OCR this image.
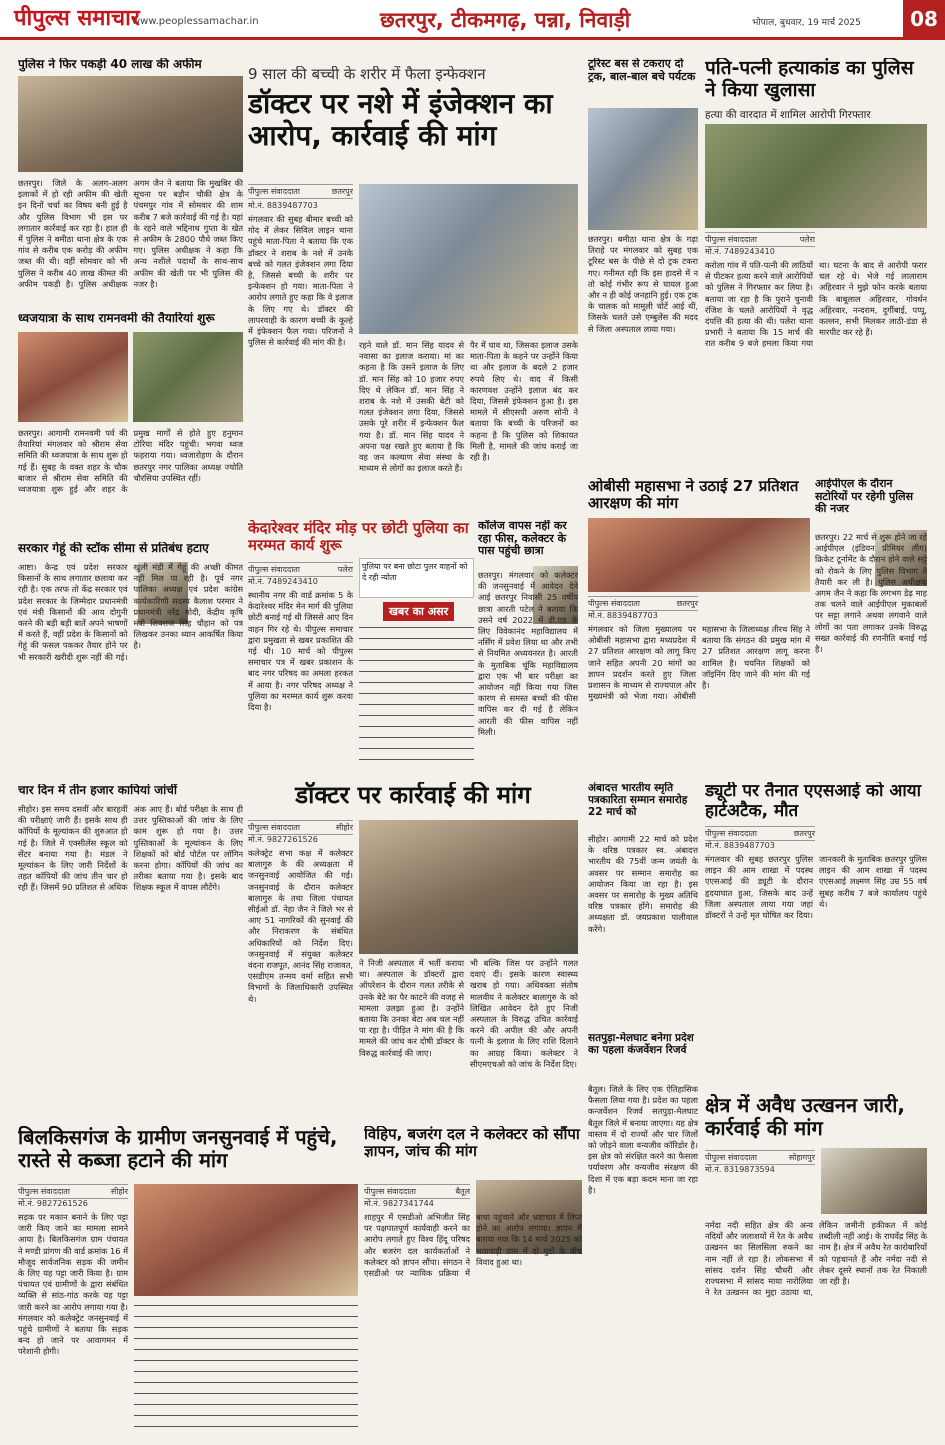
पीपुल्स समाचार
www.peoplessamachar.in	छतरपुर, टीकमगढ़, पन्ना, निवाड़ी	भोपाल, बुधवार, 19 मार्च 2025	08
पुलिस ने फिर पकड़ी 40 लाख की अफीम
छतरपुर। जिले के अलग-अलग इलाकों में हो रही अफीम की खेती इन दिनों चर्चा का विषय बनी हुई है और पुलिस विभाग भी इस पर लगातार कार्रवाई कर रहा है। हाल ही में पुलिस ने बमीठा थाना क्षेत्र के एक गांव से करीब एक करोड़ की अफीम जब्त की थी। वहीं सोमवार को भी पुलिस ने करीब 40 लाख कीमत की अफीम पकड़ी है। पुलिस अधीक्षक अगम जैन ने बताया कि मुखबिर की सूचना पर बड़ौन चौकी क्षेत्र के पंचमपुर गांव में सोमवार की शाम करीब 7 बजे कार्रवाई की गई है। यहां के रहने वाले भद्दिनाथ गुप्ता के खेत से अफीम के 2800 पौधे जब्त किए गए। पुलिस अधीक्षक ने कहा कि अन्य नशीले पदार्थों के साथ-साथ अफीम की खेती पर भी पुलिस की नजर है।
ध्वजयात्रा के साथ रामनवमी की तैयारियां शुरू
छतरपुर। आगामी रामनवमी पर्व की तैयारियां मंगलवार को श्रीराम सेवा समिति की ध्वजयात्रा के साथ शुरू हो गई हैं। सुबह के वक्त शहर के चौक बाजार से श्रीराम सेवा समिति की ध्वजयात्रा शुरू हुई और शहर के प्रमुख मार्गों से होते हुए हनुमान टोरिया मंदिर पहुंची। भगवा ध्वज फहराया गया। ध्वजारोहण के दौरान छतरपुर नगर पालिका अध्यक्ष ज्योति चौरसिया उपस्थित रहीं।
सरकार गेहूं की स्टॉक सीमा से प्रतिबंध हटाए
आष्टा। केन्द्र एवं प्रदेश सरकार किसानों के साथ लगातार छलावा कर रही है। एक तरफ तो केंद्र सरकार एवं प्रदेश सरकार के जिम्मेदार प्रधानमंत्री एवं मंत्री किसानों की आय दोगुनी करने की बड़ी बड़ी बातें अपने भाषणों में करते हैं, वहीं प्रदेश के किसानों को गेहूं की फसल पककर तैयार होने पर भी सरकारी खरीदी शुरू नहीं की गई। खुली मंडी में गेहूं की अच्छी कीमत नहीं मिल पा रही है। पूर्व नगर पालिका अध्यक्ष एवं प्रदेश कांग्रेस कार्यकारिणी सदस्य कैलाश परमार ने प्रधानमंत्री नरेंद्र मोदी, केंद्रीय कृषि मंत्री शिवराज सिंह चौहान को पत्र लिखकर उनका ध्यान आकर्षित किया है।
चार दिन में तीन हजार कापियां जांचीं
सीहोर। इस समय दसवीं और बारहवीं की परीक्षाएं जारी हैं। इसके साथ ही कॉपियों के मूल्यांकन की शुरुआत हो गई है। जिले में एक्सीलेंस स्कूल को सेंटर बनाया गया है। मंडल ने मूल्यांकन के लिए जारी निर्देशों के तहत कॉपियों की जांच तीन चार हो रही हैं। जिसमें 90 प्रतिशत से अधिक अंक आए हैं। बोर्ड परीक्षा के साथ ही उत्तर पुस्तिकाओं की जांच के लिए काम शुरू हो गया है। उत्तर पुस्तिकाओं के मूल्यांकन के लिए शिक्षकों को बोर्ड पोर्टल पर लॉगिन करना होगा। कॉपियों की जांच का तरीका बताया गया है। इसके बाद शिक्षक स्कूल में वापस लौटेंगे।
9 साल की बच्ची के शरीर में फैला इन्फेक्शन
डॉक्टर पर नशे में इंजेक्शन का आरोप, कार्रवाई की मांग
पीपुल्स संवाददाता	छतरपुर
मो.नं. 8839487703
मंगलवार की सुबह बीमार बच्ची को गोद में लेकर सिविल लाइन थाना पहुंचे माता-पिता ने बताया कि एक डॉक्टर ने शराब के नशे में उनके बच्चे को गलत इंजेक्शन लगा दिया है, जिससे बच्ची के शरीर पर इन्फेक्शन हो गया। माता-पिता ने आरोप लगाते हुए कहा कि वे इलाज के लिए गए थे। डॉक्टर की लापरवाही के कारण बच्ची के कूल्हे में इंफेक्शन फैल गया। परिजनों ने पुलिस से कार्रवाई की मांग की है।	रहने वाले डॉ. मान सिंह यादव से नवासा का इलाज कराया। मां का कहना है कि उसने इलाज के लिए डॉ. मान सिंह को 10 हजार रुपए दिए थे लेकिन डॉ. मान सिंह ने शराब के नशे में उसकी बेटी को गलत इंजेक्शन लगा दिया, जिससे उसके पूरे शरीर में इन्फेक्शन फैल गया है। डॉ. मान सिंह यादव ने अपना पक्ष रखते हुए बताया है कि वह जन कल्याण सेवा संस्था के माध्यम से लोगों का इलाज करते हैं।
पैर में घाव था, जिसका इलाज उसके माता-पिता के कहने पर उन्होंने किया था और इलाज के बदले 2 हजार रुपये लिए थे। वाद में किसी कारणवश उन्होंने इलाज बंद कर दिया, जिससे इंफेक्शन हुआ है। इस मामले में सीएसपी अरुण सोनी ने बताया कि बच्ची के परिजनों का कहना है कि पुलिस को शिकायत मिली है, मामले की जांच कराई जा रही है।
केदारेश्वर मंदिर मोड़ पर छोटी पुलिया का मरम्मत कार्य शुरू
पीपुल्स संवाददाता	पलेरा
मो.नं. 7489243410
पुलिया पर बना छोटा पुलर वाहनों को दे रही न्योता
खबर का असर
स्थानीय नगर की वार्ड क्रमांक 5 के केदारेश्वर मंदिर मेन मार्ग की पुलिया छोटी बनाई गई थी जिससे आए दिन वाहन गिर रहे थे। पीपुल्स समाचार द्वारा प्रमुखता से खबर प्रकाशित की गई थी। 10 मार्च को पीपुल्स समाचार पत्र में खबर प्रकाशन के बाद नगर परिषद का अमला हरकत में आया है। नगर परिषद अध्यक्ष ने पुलिया का मरम्मत कार्य शुरू करवा दिया है।
कॉलेज वापस नहीं कर रहा फीस, कलेक्टर के पास पहुंची छात्रा
छतरपुर। मंगलवार को कलेक्टर की जनसुनवाई में आवेदन देने आई छतरपुर निवासी 25 वर्षीय छात्रा आरती पटेल ने बताया कि उसने वर्ष 2022 में डी.एड के लिए विवेकानंद महाविद्यालय में नर्सिंग में प्रवेश लिया था और तभी से नियमित अध्ययनरत है। आरती के मुताबिक चूंकि महाविद्यालय द्वारा एक भी बार परीक्षा का आयोजन नहीं किया गया जिस कारण से समस्त बच्चों की फीस वापिस कर दी गई है लेकिन आरती की फीस वापिस नहीं मिली।
टूरिस्ट बस से टकराए दो ट्रक, बाल-बाल बचे पर्यटक
छतरपुर। बमीठा थाना क्षेत्र के गढ़ा तिराहे पर मंगलवार को सुबह एक टूरिस्ट बस के पीछे से दो ट्रक टकरा गए। गनीमत रही कि इस हादसे में न तो कोई गंभीर रूप से घायल हुआ और न ही कोई जनहानि हुई। एक ट्रक के चालक को मामूली चोटें आई थीं, जिसके चलते उसे एम्बुलेंस की मदद से जिला अस्पताल लाया गया।
पति-पत्नी हत्याकांड का पुलिस ने किया खुलासा
हत्या की वारदात में शामिल आरोपी गिरफ्तार
पीपुल्स संवाददाता	पलेरा
मो.नं. 7489243410
करोला गांव में पति-पत्नी की लाठियों से पीटकर हत्या करने वाले आरोपियों को पुलिस ने गिरफ्तार कर लिया है। बताया जा रहा है कि पुराने चुनावी रंजिश के चलते आरोपियों ने वृद्ध दंपत्ति की हत्या की थी। पलेरा थाना प्रभारी ने बताया कि 15 मार्च की रात करीब 9 बजे हमला किया गया था। घटना के बाद से आरोपी फरार चल रहे थे। भेजे गई लालाराम अहिरवार ने मुझे फोन करके बताया कि बाबूलाल अहिरवार, गोवर्धन अहिरवार, नन्दराम, दुर्गीबाई, पप्पू, कल्लन, सभी मिलकर लाठी-डंडा से मारपीट कर रहे हैं।
ओबीसी महासभा ने उठाई 27 प्रतिशत आरक्षण की मांग
पीपुल्स संवाददाता	छतरपुर
मो.नं. 8839487703
मंगलवार को जिला मुख्यालय पर ओबीसी महासभा द्वारा मध्यप्रदेश में 27 प्रतिशत आरक्षण को लागू किए जाने सहित अपनी 20 मांगों का ज्ञापन प्रदर्शन करते हुए जिला प्रशासन के माध्यम से राज्यपाल और मुख्यमंत्री को भेजा गया। ओबीसी महासभा के जिलाध्यक्ष तीरथ सिंह ने बताया कि संगठन की प्रमुख मांग में 27 प्रतिशत आरक्षण लागू करना शामिल है। चयनित शिक्षकों को जॉइनिंग दिए जाने की मांग की गई है।
आईपीएल के दौरान सटोरियों पर रहेगी पुलिस की नजर
छतरपुर। 22 मार्च से शुरू होने जा रहे आईपीएल (इंडियन प्रीमियर लीग) क्रिकेट टूर्नामेंट के दौरान होने वाले सट्टे को रोकने के लिए पुलिस विभाग ने तैयारी कर ली है। पुलिस अधीक्षक अगम जैन ने कहा कि लगभग डेढ़ माह तक चलने वाले आईपीएल मुकाबलों पर सट्टा लगाने अथवा लगवाने वाले लोगों का पता लगाकर उनके विरुद्ध सख्त कार्रवाई की रणनीति बनाई गई है।
डॉक्टर पर कार्रवाई की मांग
पीपुल्स संवाददाता	सीहोर
मो.नं. 9827261526
कलेक्ट्रेट सभा कक्ष में कलेक्टर बालागुरु के की अध्यक्षता में जनसुनवाई आयोजित की गई। जनसुनवाई के दौरान कलेक्टर बालागुरु के तथा जिला पंचायत सीईओ डॉ. नेहा जैन ने जिले भर से आए 51 नागरिकों की सुनवाई की और निराकरण के संबंधित अधिकारियों को निर्देश दिए। जनसुनवाई में संयुक्त कलेक्टर वंदना राजपूत, आनंद सिंह राजावत, एसडीएम तन्मय वर्मा सहित सभी विभागों के जिलाधिकारी उपस्थित थे।
ने निजी अस्पताल में भर्ती कराया था। अस्पताल के डॉक्टरों द्वारा ऑपरेशन के दौरान गलत तरीके से उनके बेटे का पैर काटने की वजह से मामला उलझा हुआ है। उन्होंने बताया कि उनका बेटा अब चल नहीं पा रहा है। पीड़ित ने मांग की है कि मामले की जांच कर दोषी डॉक्टर के विरुद्ध कार्रवाई की जाए।
भी बल्कि जिस पर उन्होंने गलत दवाएं दीं। इसके कारण स्वास्थ्य खराब हो गया। अधिवक्ता संतोष मालवीय ने कलेक्टर बालागुरु के को लिखित आवेदन देते हुए निजी अस्पताल के विरुद्ध उचित कार्रवाई करने की अपील की और अपनी पत्नी के इलाज के लिए राशि दिलाने का आग्रह किया। कलेक्टर ने सीएमएचओ को जांच के निर्देश दिए।
अंबादत्त भारतीय स्मृति पत्रकारिता सम्मान समारोह 22 मार्च को
सीहोर। आगामी 22 मार्च को प्रदेश के वरिष्ठ पत्रकार स्व. अंबादत्त भारतीय की 75वीं जन्म जयंती के अवसर पर सम्मान समारोह का आयोजन किया जा रहा है। इस अवसर पर समारोह के मुख्य अतिथि वरिष्ठ पत्रकार होंगे। समारोह की अध्यक्षता डॉ. जयप्रकाश पालीवाल करेंगे।
सतपुड़ा-मेलघाट बनेगा प्रदेश का पहला कंजर्वेशन रिजर्व
बैतूल। जिले के लिए एक ऐतिहासिक फैसला लिया गया है। प्रदेश का पहला कन्जर्वेशन रिजर्व सतपुड़ा-मेलघाट बैतूल जिले में बनाया जाएगा। यह क्षेत्र वास्तव में दो राज्यों और चार जिलों को जोड़ने वाला वन्यजीव कॉरिडोर है। इस क्षेत्र को संरक्षित करने का फैसला पर्यावरण और वन्यजीव संरक्षण की दिशा में एक बड़ा कदम माना जा रहा है।
ड्यूटी पर तैनात एएसआई को आया हार्टअटैक, मौत
पीपुल्स संवाददाता	छतरपुर
मो.नं. 8839487703
मंगलवार की सुबह छतरपुर पुलिस लाइन की आम शाखा में पदस्थ एएसआई की ड्यूटी के दौरान हृदयाघात हुआ, जिसके बाद उन्हें जिला अस्पताल लाया गया जहां डॉक्टरों ने उन्हें मृत घोषित कर दिया। जानकारी के मुताबिक छतरपुर पुलिस लाइन की आम शाखा में पदस्थ एएसआई लक्ष्मण सिंह उम्र 55 वर्ष सुबह करीब 7 बजे कार्यालय पहुंचे थे।
क्षेत्र में अवैध उत्खनन जारी, कार्रवाई की मांग
पीपुल्स संवाददाता	सोहागपुर
मो.नं. 8319873594
नर्मदा नदी सहित क्षेत्र की अन्य नदियों और जलाशयों में रेत के अवैध उत्खनन का सिलसिला रुकने का नाम नहीं ले रहा है। लोकसभा में सांसद दर्शन सिंह चौधरी और राज्यसभा में सांसद माया नारोलिया ने रेत उत्खनन का मुद्दा उठाया था, लेकिन जमीनी हकीकत में कोई तब्दीली नहीं आई। के राघवेंद्र सिंह के नाम है। क्षेत्र में अवैध रेत कारोबारियों को पहचानते हैं और नर्मदा नदी से लेकर दूसरे स्थानों तक रेत निकाली जा रही है।
बिलकिसगंज के ग्रामीण जनसुनवाई में पहुंचे, रास्ते से कब्जा हटाने की मांग
पीपुल्स संवाददाता	सीहोर
मो.नं. 9827261526
सड़क पर मकान बनाने के लिए पट्टा जारी किए जाने का मामला सामने आया है। बिलकिसगंज ग्राम पंचायत ने मण्डी प्रांगण की वार्ड क्रमांक 16 में मौजूद सार्वजनिक सड़क की जमीन के लिए यह पट्टा जारी किया है। ग्राम पंचायत एवं ग्रामीणों के द्वारा संबंधित व्यक्ति से सांठ-गांठ करके यह पट्टा जारी करने का आरोप लगाया गया है। मंगलवार को कलेक्ट्रेट जनसुनवाई में पहुंचे ग्रामीणों ने बताया कि सड़क बन्द हो जाने पर आवागमन में परेशानी होगी।
विहिप, बजरंग दल ने कलेक्टर को सौंपा ज्ञापन, जांच की मांग
पीपुल्स संवाददाता	बैतूल
मो.नं. 9827341744
शाहपुर में एसडीओ अभिजीत सिंह पर पक्षपातपूर्ण कार्यवाही करने का आरोप लगाते हुए विश्व हिंदू परिषद और बजरंग दल कार्यकर्ताओं ने कलेक्टर को ज्ञापन सौंपा। संगठन ने एसडीओ पर न्यायिक प्रक्रिया में बाधा पहुंचाने और भ्रष्टाचार में लिप्त होने का आरोप लगाया। ज्ञापन में बताया गया कि 14 मार्च 2025 को भयावाड़ी ग्राम में दो गुटों के बीच विवाद हुआ था।
